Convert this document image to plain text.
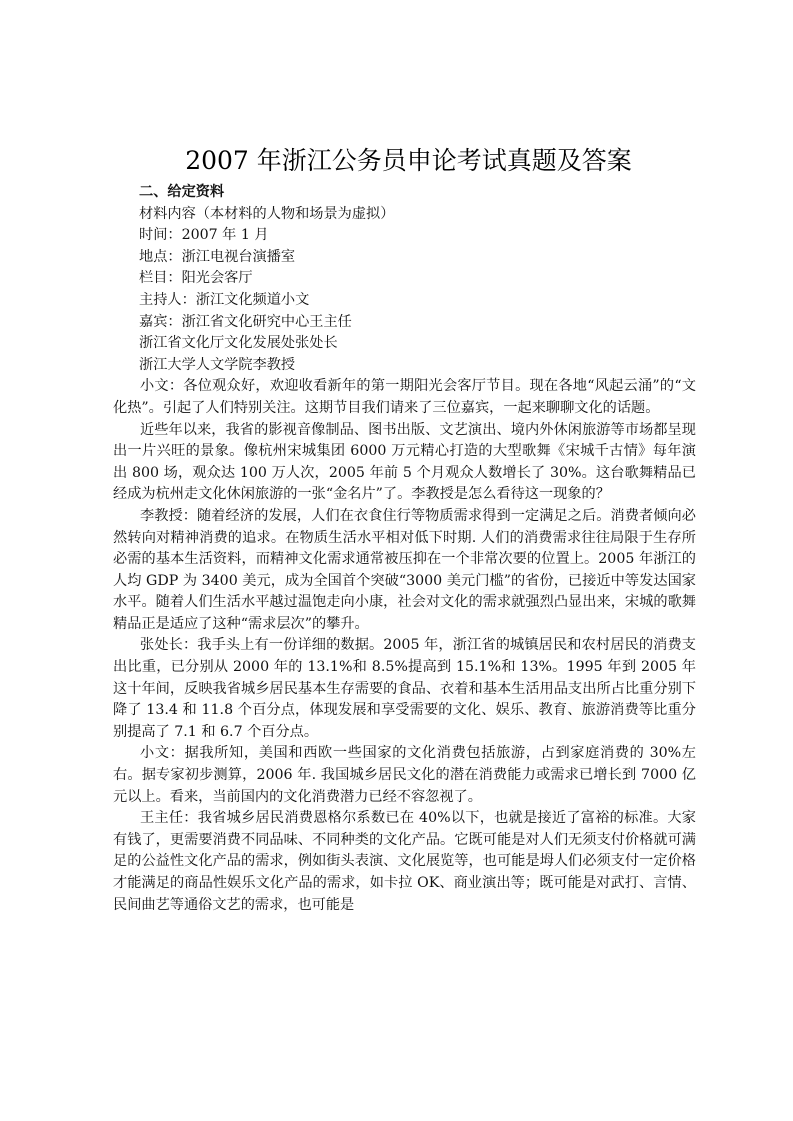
2007 年浙江公务员申论考试真题及答案

二、给定资料

材料内容（本材料的人物和场景为虚拟）

时间：2007 年 1 月

地点：浙江电视台演播室

栏目：阳光会客厅

主持人：浙江文化频道小文

嘉宾：浙江省文化研究中心王主任

浙江省文化厅文化发展处张处长

浙江大学人文学院李教授

小文：各位观众好，欢迎收看新年的第一期阳光会客厅节目。现在各地“风起云涌”的“文化热”。引起了人们特别关注。这期节目我们请来了三位嘉宾，一起来聊聊文化的话题。

近些年以来，我省的影视音像制品、图书出版、文艺演出、境内外休闲旅游等市场都呈现出一片兴旺的景象。像杭州宋城集团 6000 万元精心打造的大型歌舞《宋城千古情》每年演出 800 场，观众达 100 万人次，2005 年前 5 个月观众人数增长了 30%。这台歌舞精品已经成为杭州走文化休闲旅游的一张“金名片”了。李教授是怎么看待这一现象的？

李教授：随着经济的发展，人们在衣食住行等物质需求得到一定满足之后。消费者倾向必然转向对精神消费的追求。在物质生活水平相对低下时期. 人们的消费需求往往局限于生存所必需的基本生活资料，而精神文化需求通常被压抑在一个非常次要的位置上。2005 年浙江的人均 GDP 为 3400 美元，成为全国首个突破“3000 美元门槛”的省份，已接近中等发达国家水平。随着人们生活水平越过温饱走向小康，社会对文化的需求就强烈凸显出来，宋城的歌舞精品正是适应了这种“需求层次”的攀升。

张处长：我手头上有一份详细的数据。2005 年，浙江省的城镇居民和农村居民的消费支出比重，已分别从 2000 年的 13.1%和 8.5%提高到 15.1%和 13%。1995 年到 2005 年这十年间，反映我省城乡居民基本生存需要的食品、衣着和基本生活用品支出所占比重分别下降了 13.4 和 11.8 个百分点，体现发展和享受需要的文化、娱乐、教育、旅游消费等比重分别提高了 7.1 和 6.7 个百分点。

小文：据我所知，美国和西欧一些国家的文化消费包括旅游，占到家庭消费的 30%左右。据专家初步测算，2006 年. 我国城乡居民文化的潜在消费能力或需求已增长到 7000 亿元以上。看来，当前国内的文化消费潜力已经不容忽视了。

王主任：我省城乡居民消费恩格尔系数已在 40%以下，也就是接近了富裕的标准。大家有钱了，更需要消费不同品味、不同种类的文化产品。它既可能是对人们无须支付价格就可满足的公益性文化产品的需求，例如街头表演、文化展览等，也可能是坶人们必须支付一定价格才能满足的商品性娱乐文化产品的需求，如卡拉 OK、商业演出等；既可能是对武打、言情、民间曲艺等通俗文艺的需求，也可能是
